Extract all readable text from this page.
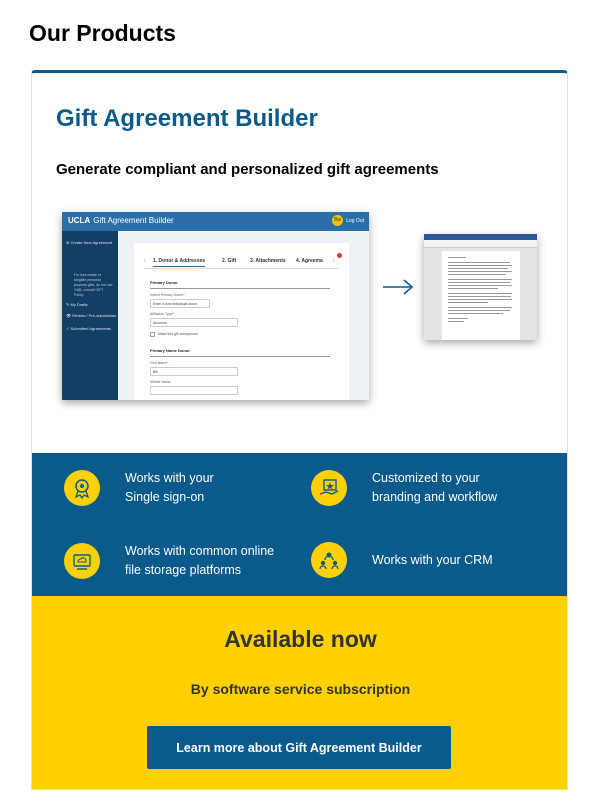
Our Products
Gift Agreement Builder

Generate compliant and personalized gift agreements

UCLA Gift Agreement Builder	Bw	Log Out
⊕ Create New Agreement
For less estate or tangible personal property gifts, do not use GAB, consult GIFT Policy.
✎ My Drafts
👁 Review / Pre-submission
✓ Submitted Agreements
‹ 1. Donor & Addresses	2. Gift	3. Attachments 4. Agreema ›
Primary Donor
Select Primary Donor*
Enter a new individual donor
Affiliation Type*
Alumnus
Make this gift anonymous
Primary Name Donor
First Name*
Bill
Middle Name
Works with your
Single sign-on
Customized to your
branding and workflow
Works with common online
file storage platforms
Works with your CRM
Available now
By software service subscription
Learn more about Gift Agreement Builder
